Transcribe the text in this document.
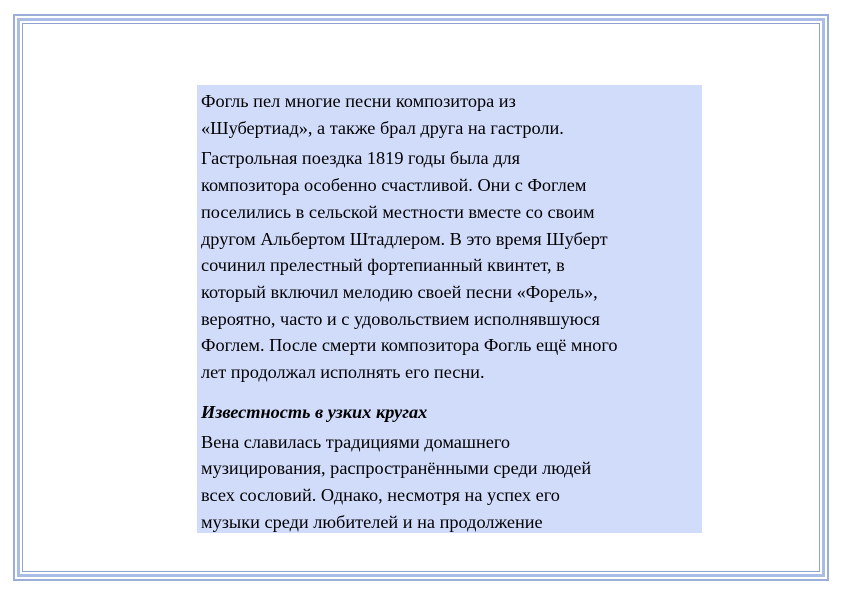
Фогль пел многие песни композитора из
«Шубертиад», а также брал друга на гастроли.

Гастрольная поездка 1819 годы была для
композитора особенно счастливой. Они с Фоглем
поселились в сельской местности вместе со своим
другом Альбертом Штадлером. В это время Шуберт
сочинил прелестный фортепианный квинтет, в
который включил мелодию своей песни «Форель»,
вероятно, часто и с удовольствием исполнявшуюся
Фоглем. После смерти композитора Фогль ещё много
лет продолжал исполнять его песни.

Известность в узких кругах

Вена славилась традициями домашнего
музицирования, распространёнными среди людей
всех сословий. Однако, несмотря на успех его
музыки среди любителей и на продолжение
